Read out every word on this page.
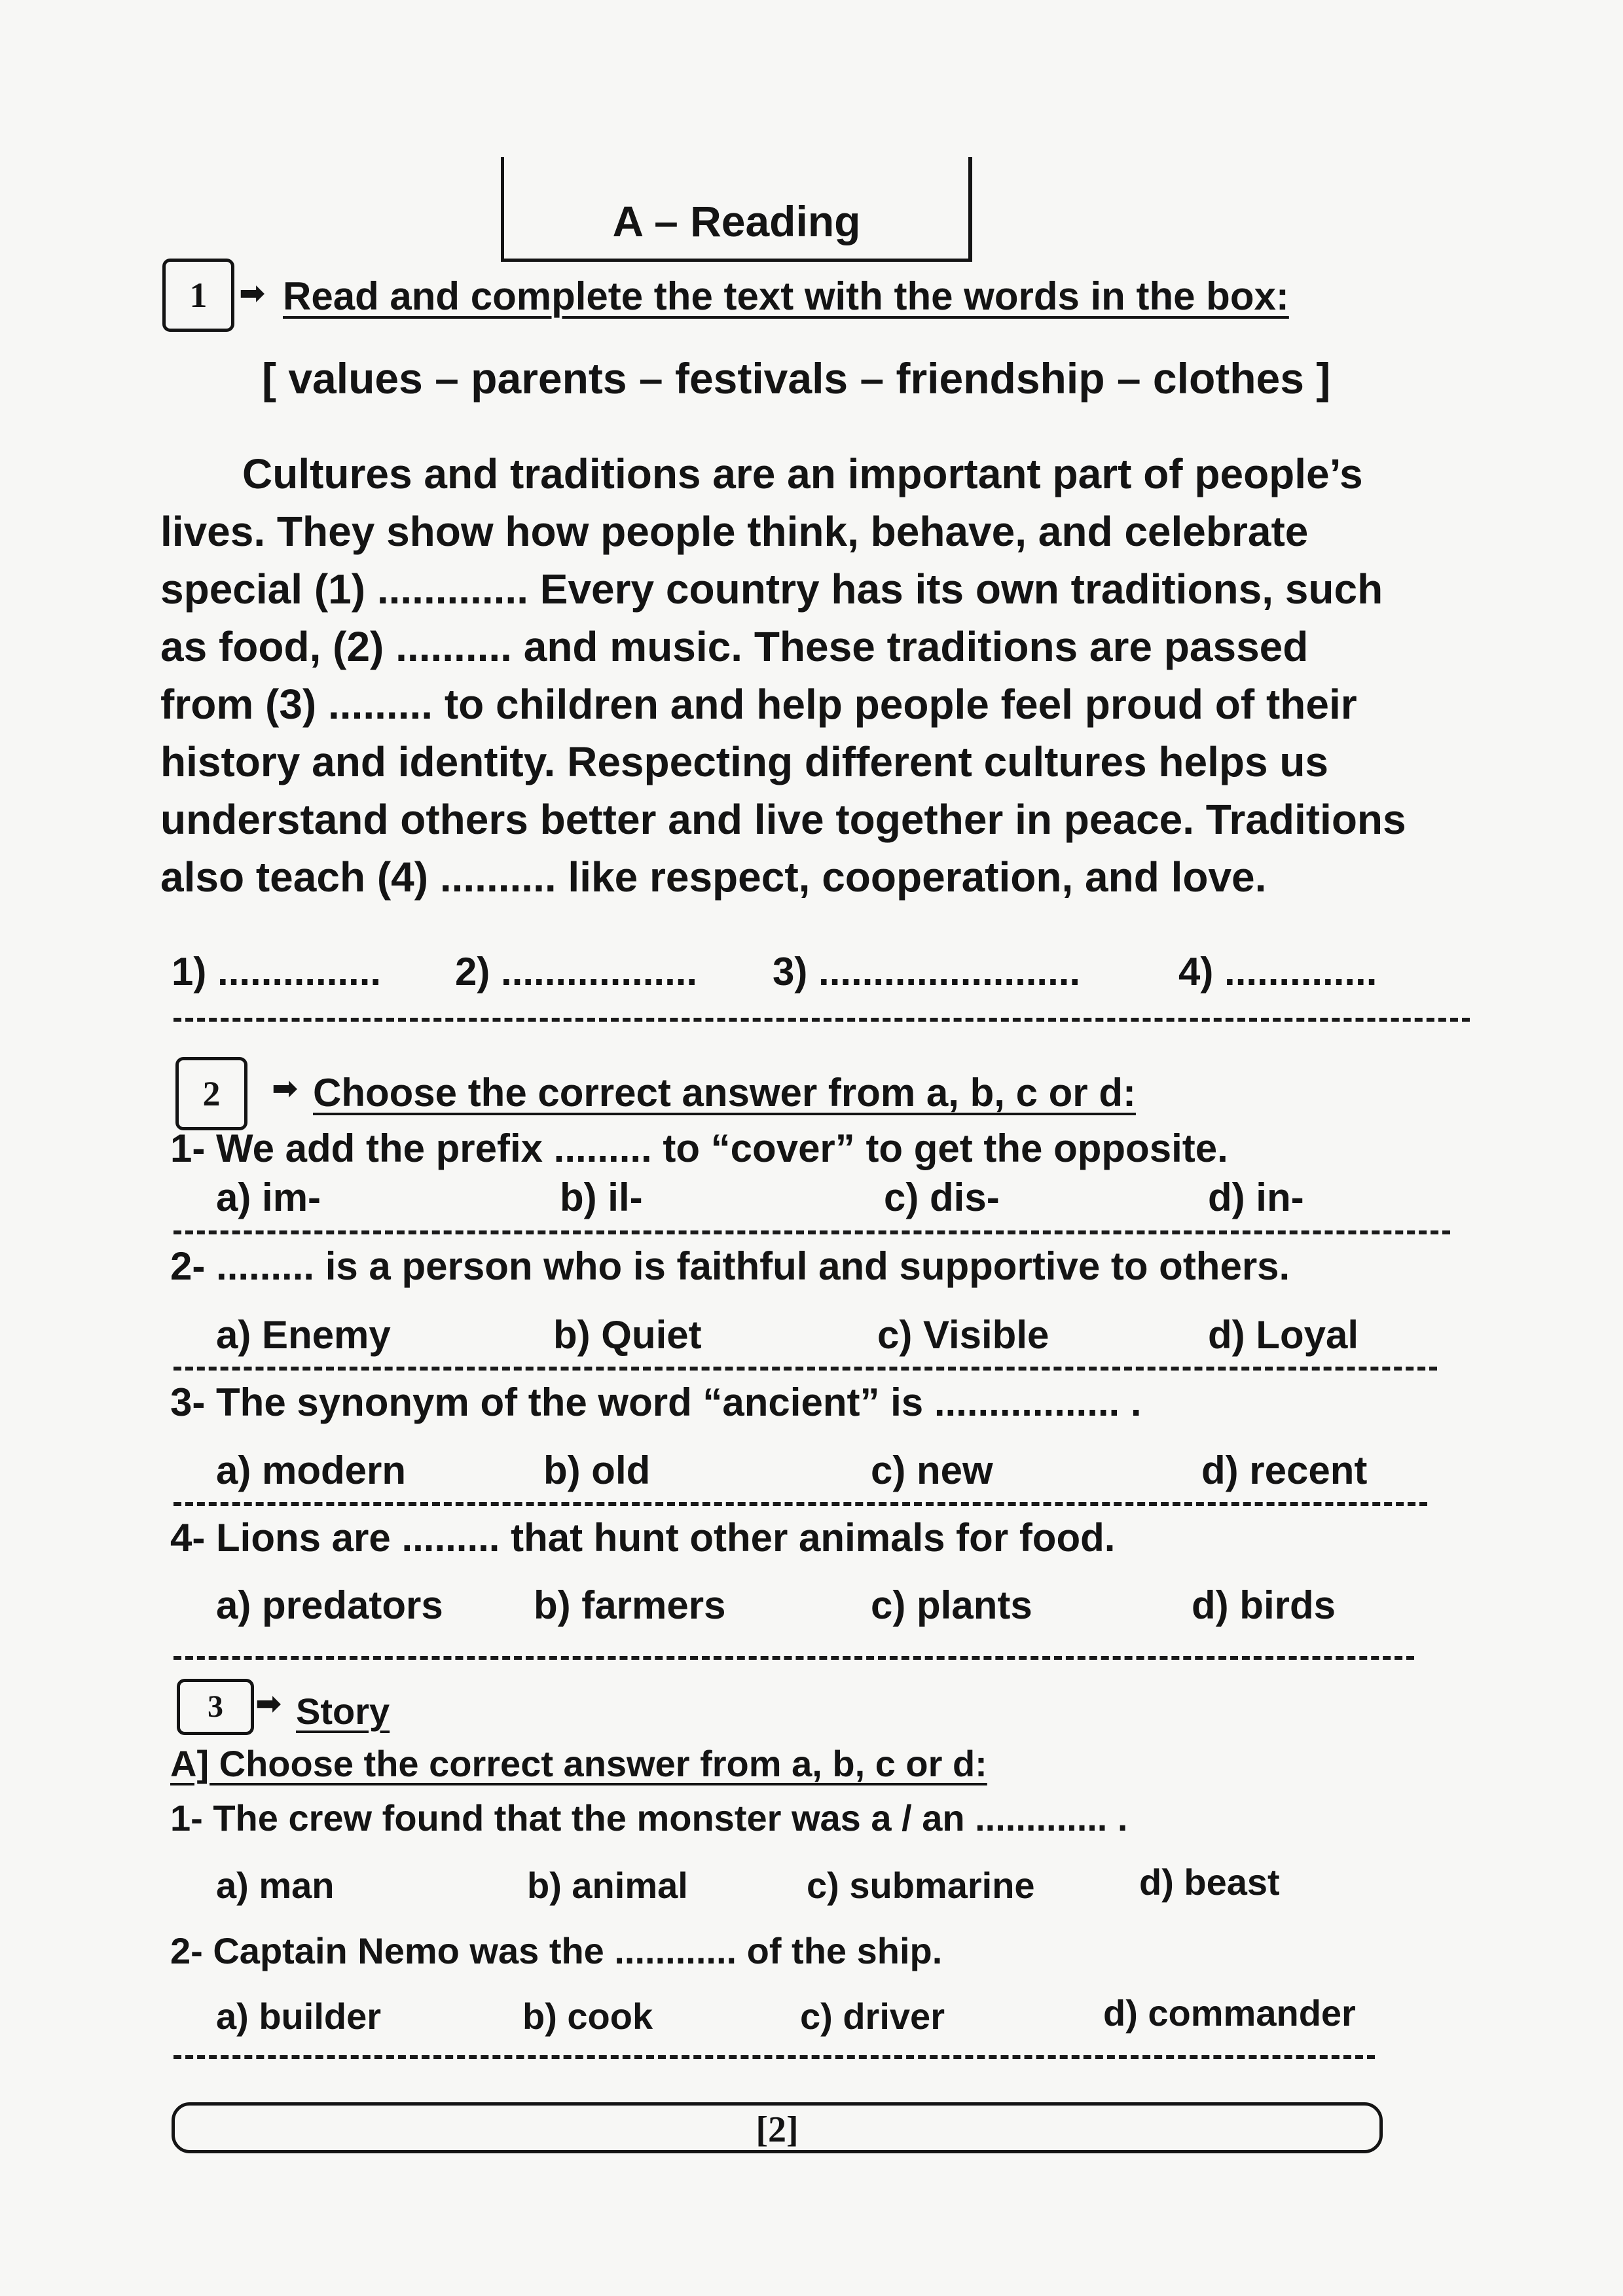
A – Reading
1	➡ Read and complete the text with the words in the box:
[ values – parents – festivals – friendship – clothes ]

Cultures and traditions are an important part of people’s

lives. They show how people think, behave, and celebrate
special (1) ............. Every country has its own traditions, such
as food, (2) .......... and music. These traditions are passed
from (3) ......... to children and help people feel proud of their
history and identity. Respecting different cultures helps us
understand others better and live together in peace. Traditions
also teach (4) .......... like respect, cooperation, and love.
1) ............... 2) .................. 3) ........................ 4) ..............
2	➡ Choose the correct answer from a, b, c or d:
1- We add the prefix ......... to “cover” to get the opposite.
a) im-	b) il-	c) dis-	d) in-
2- ......... is a person who is faithful and supportive to others.
a) Enemy	b) Quiet	c) Visible	d) Loyal
3- The synonym of the word “ancient” is ................. .
a) modern	b) old	c) new	d) recent
4- Lions are ......... that hunt other animals for food.
a) predators b) farmers	c) plants	d) birds
3	➡ Story
A] Choose the correct answer from a, b, c or d:
1- The crew found that the monster was a / an ............. .
a) man	b) animal	c) submarine	d) beast
2- Captain Nemo was the ............ of the ship.
a) builder	b) cook	c) driver	d) commander
[2]
